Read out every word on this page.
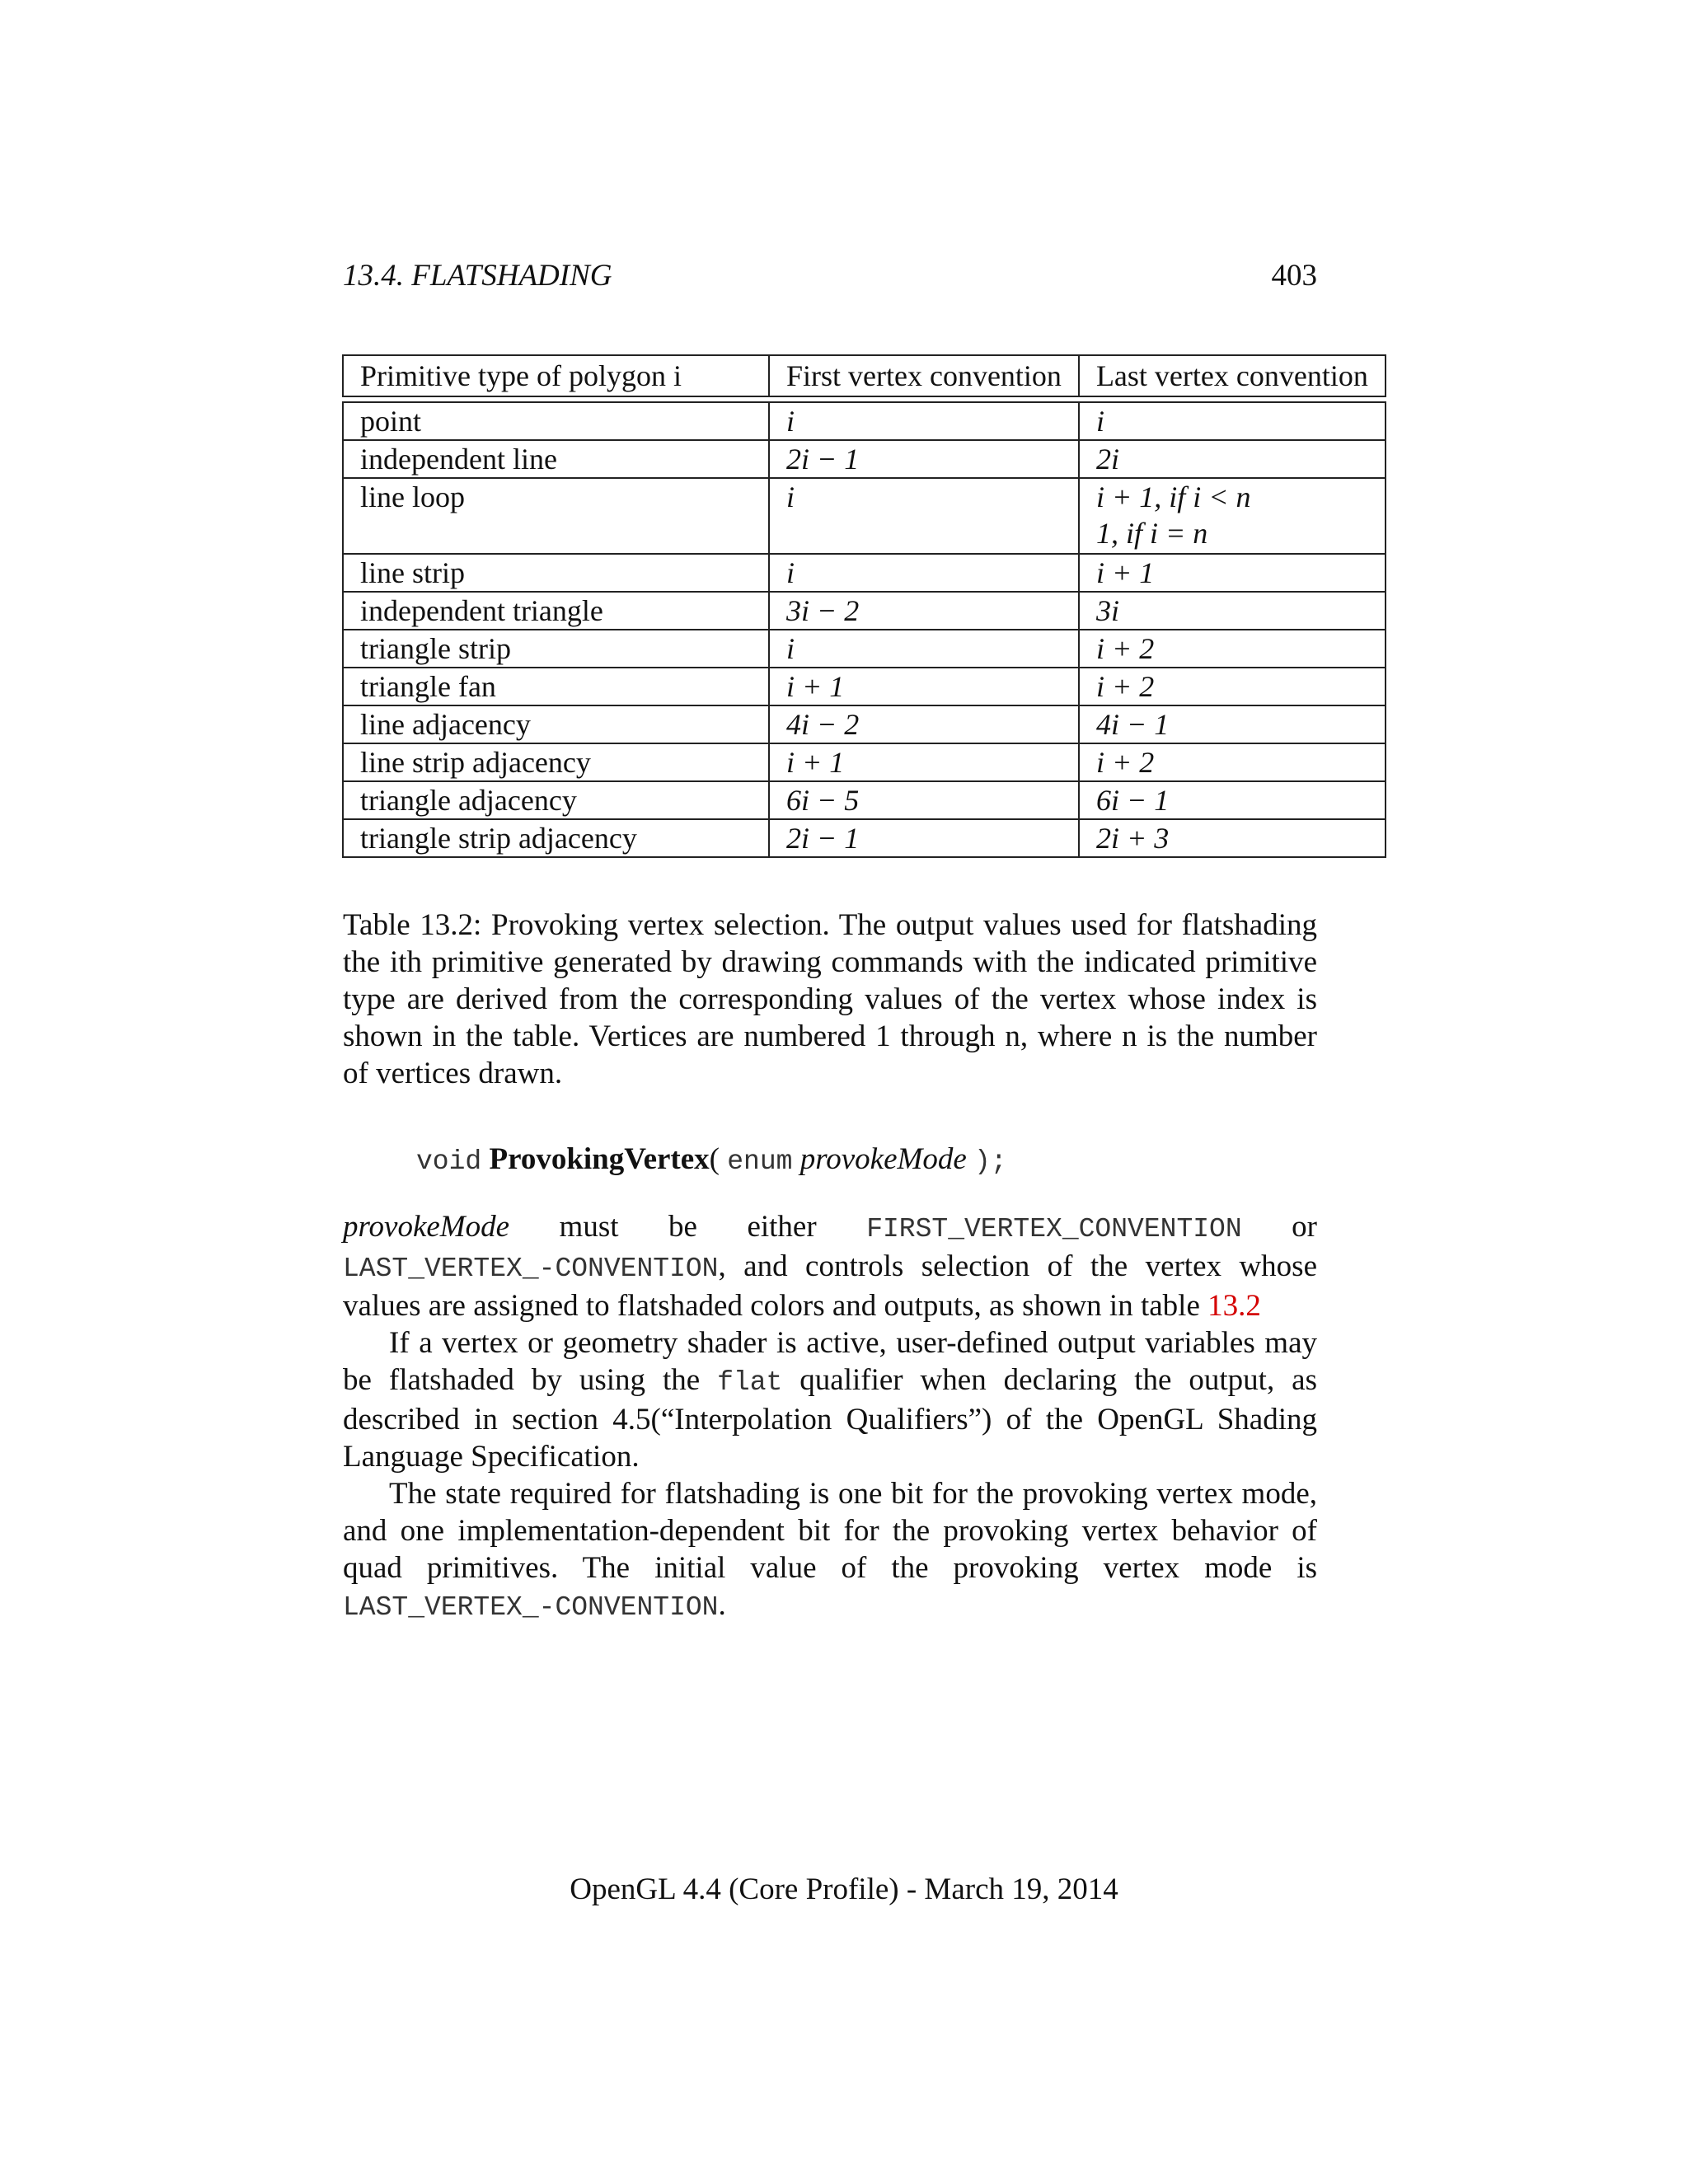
13.4. FLATSHADING	403
Primitive type of polygon i	First vertex convention	Last vertex convention

point	i	i
independent line	2i − 1	2i
line loop	i	i + 1, if i < n
1, if i = n

line strip	i	i + 1
independent triangle	3i − 2	3i
triangle strip	i	i + 2
triangle fan	i + 1	i + 2
line adjacency	4i − 2	4i − 1
line strip adjacency	i + 1	i + 2
triangle adjacency	6i − 5	6i − 1
triangle strip adjacency	2i − 1	2i + 3
Table 13.2: Provoking vertex selection. The output values used for flatshading the ith primitive generated by drawing commands with the indicated primitive type are derived from the corresponding values of the vertex whose index is shown in the table. Vertices are numbered 1 through n, where n is the number of vertices drawn.
void ProvokingVertex( enum provokeMode );

provokeMode must be either FIRST_VERTEX_CONVENTION or LAST_VERTEX_-CONVENTION, and controls selection of the vertex whose values are assigned to flatshaded colors and outputs, as shown in table 13.2

If a vertex or geometry shader is active, user-defined output variables may be flatshaded by using the flat qualifier when declaring the output, as described in section 4.5(“Interpolation Qualifiers”) of the OpenGL Shading Language Specification.

The state required for flatshading is one bit for the provoking vertex mode, and one implementation-dependent bit for the provoking vertex behavior of quad primitives. The initial value of the provoking vertex mode is LAST_VERTEX_-CONVENTION.

OpenGL 4.4 (Core Profile) - March 19, 2014
